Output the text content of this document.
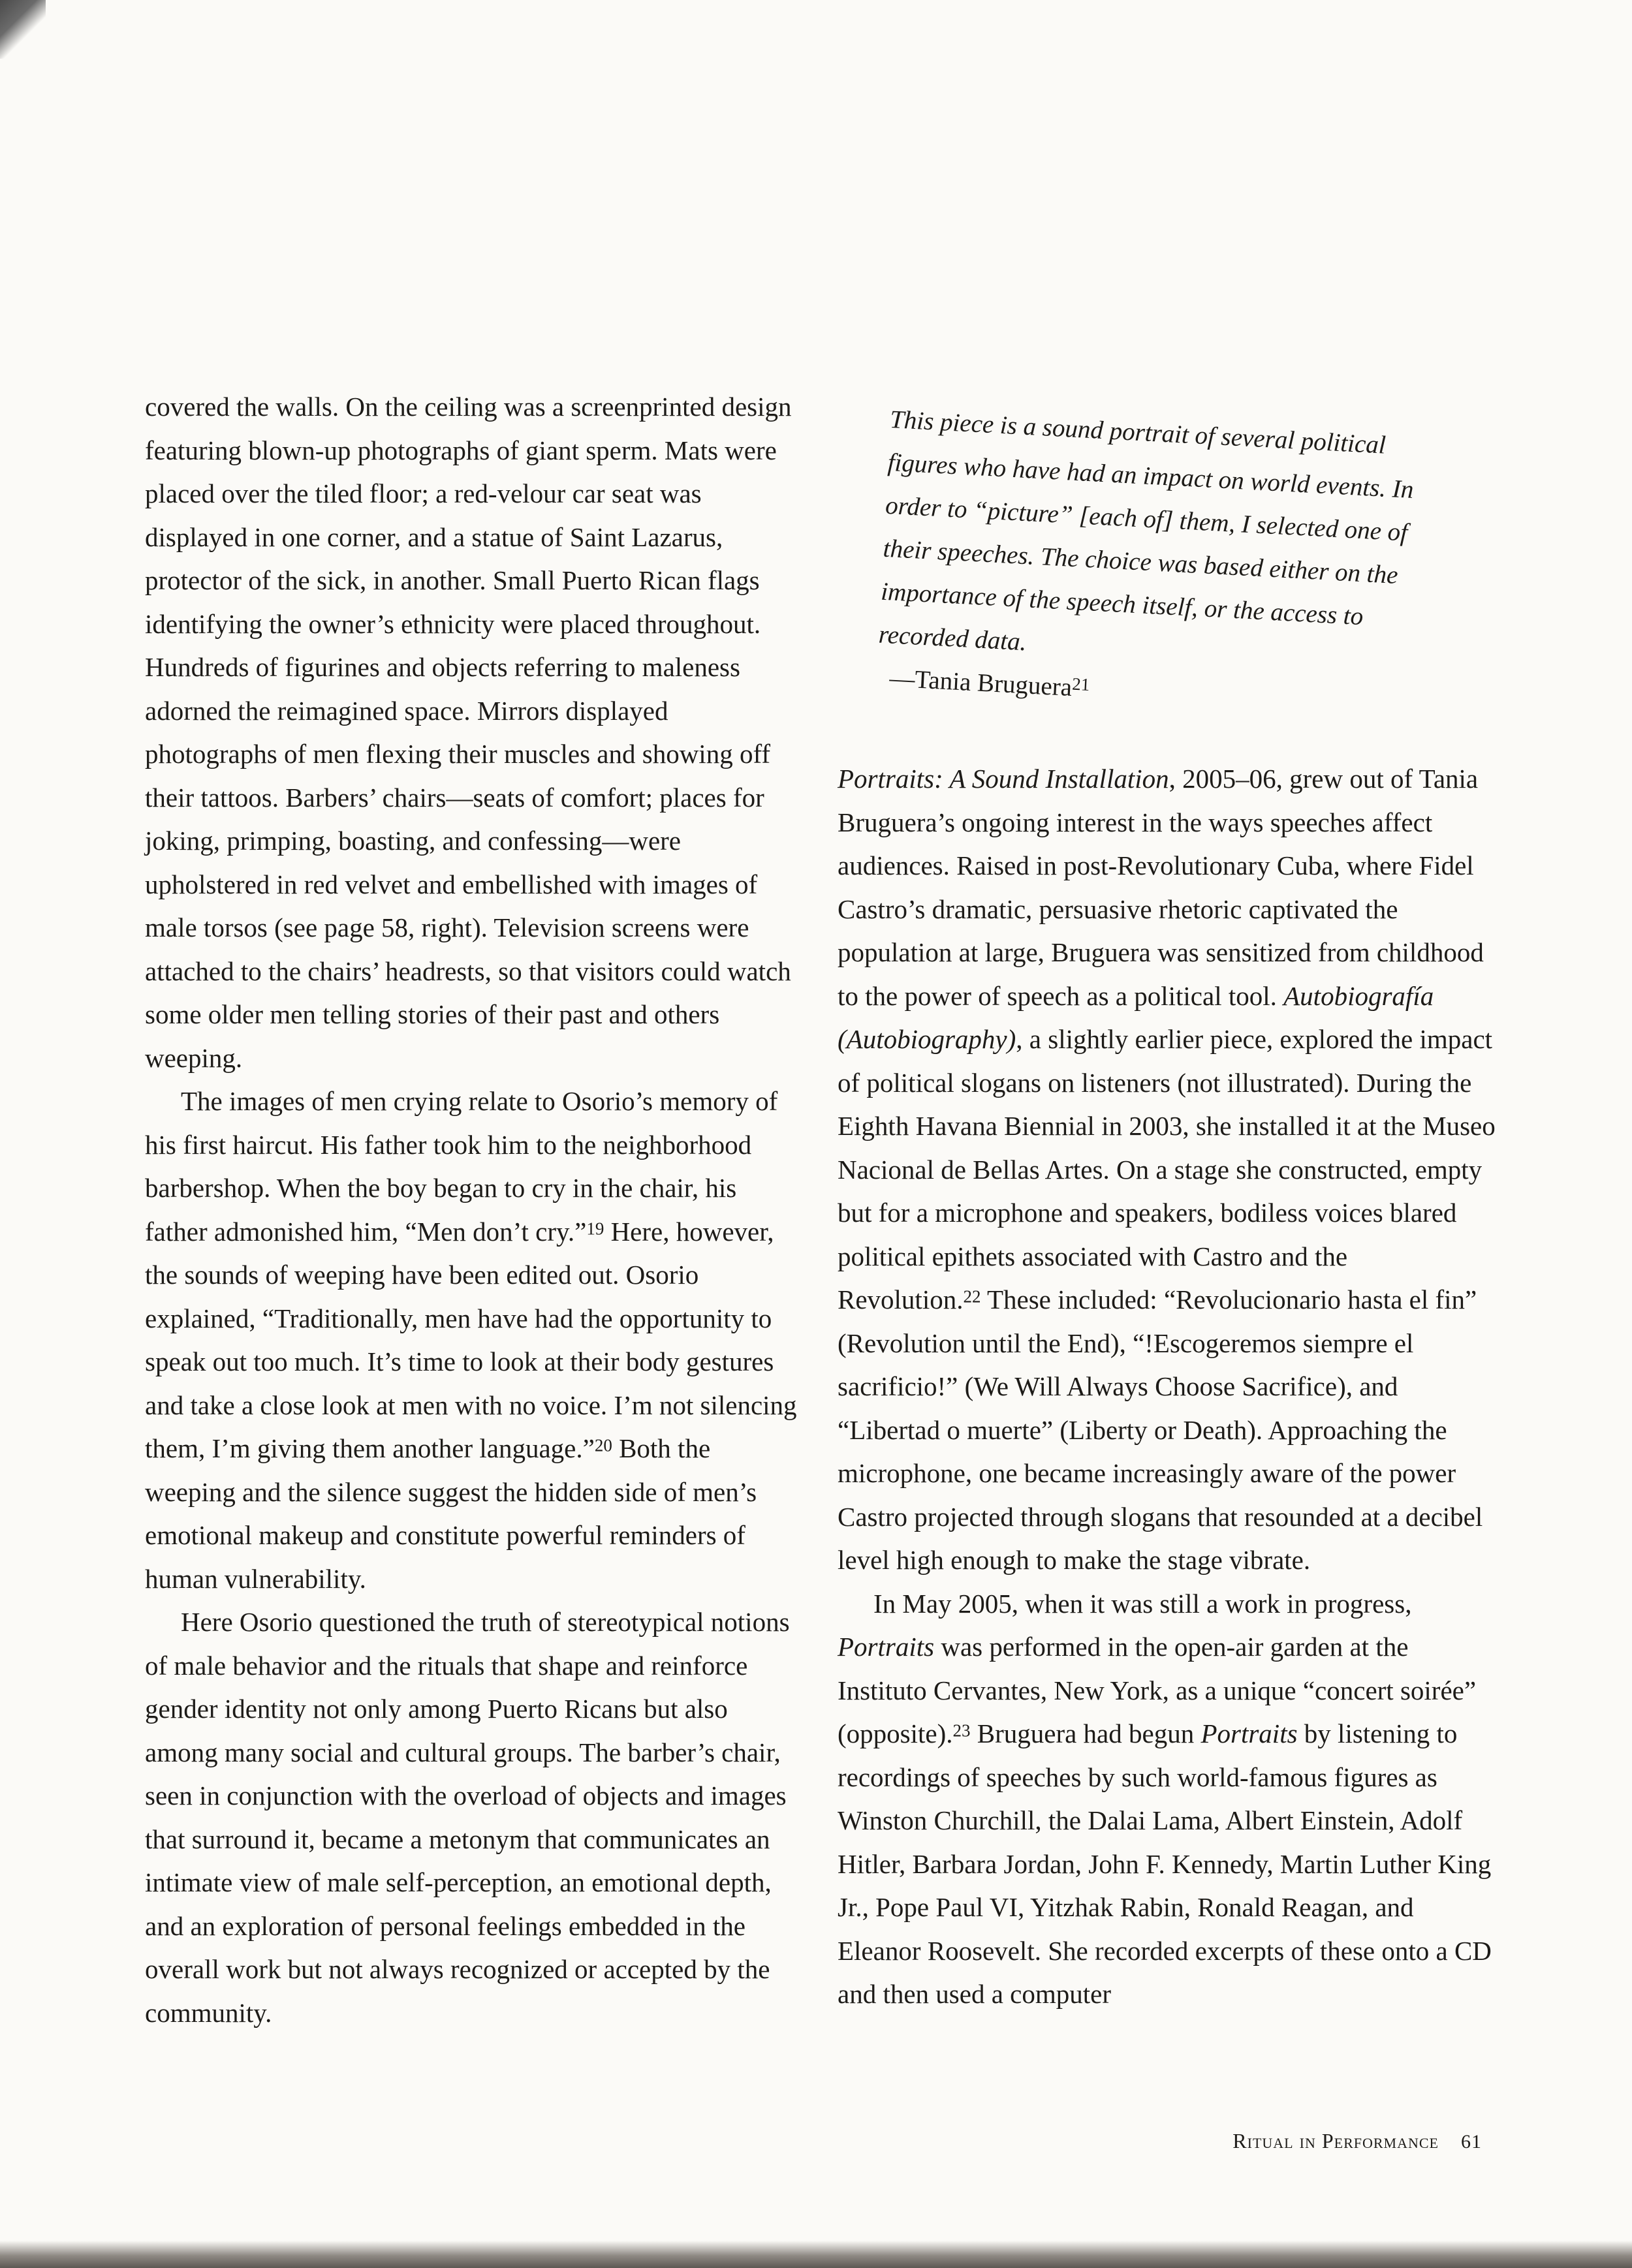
covered the walls. On the ceiling was a screenprinted design featuring blown-up photographs of giant sperm. Mats were placed over the tiled floor; a red-velour car seat was displayed in one corner, and a statue of Saint Lazarus, protector of the sick, in another. Small Puerto Rican flags identifying the owner’s ethnicity were placed throughout. Hundreds of figurines and objects referring to maleness adorned the reimagined space. Mirrors displayed photographs of men flexing their muscles and showing off their tattoos. Barbers’ chairs—seats of comfort; places for joking, primping, boasting, and confessing—were upholstered in red velvet and embellished with images of male torsos (see page 58, right). Television screens were attached to the chairs’ headrests, so that visitors could watch some older men telling stories of their past and others weeping.

The images of men crying relate to Osorio’s memory of his first haircut. His father took him to the neighborhood barbershop. When the boy began to cry in the chair, his father admonished him, “Men don’t cry.”$^{19}$ Here, however, the sounds of weeping have been edited out. Osorio explained, “Traditionally, men have had the opportunity to speak out too much. It’s time to look at their body gestures and take a close look at men with no voice. I’m not silencing them, I’m giving them another language.”$^{20}$ Both the weeping and the silence suggest the hidden side of men’s emotional makeup and constitute powerful reminders of human vulnerability.

Here Osorio questioned the truth of stereotypical notions of male behavior and the rituals that shape and reinforce gender identity not only among Puerto Ricans but also among many social and cultural groups. The barber’s chair, seen in conjunction with the overload of objects and images that surround it, became a metonym that communicates an intimate view of male self-perception, an emotional depth, and an exploration of personal feelings embedded in the overall work but not always recognized or accepted by the community.

This piece is a sound portrait of several political figures who have had an impact on world events. In order to “picture” [each of] them, I selected one of their speeches. The choice was based either on the importance of the speech itself, or the access to recorded data.

—Tania Bruguera$^{21}$

Portraits: A Sound Installation, 2005–06, grew out of Tania Bruguera’s ongoing interest in the ways speeches affect audiences. Raised in post-Revolutionary Cuba, where Fidel Castro’s dramatic, persuasive rhetoric captivated the population at large, Bruguera was sensitized from childhood to the power of speech as a political tool. Autobiografía (Autobiography), a slightly earlier piece, explored the impact of political slogans on listeners (not illustrated). During the Eighth Havana Biennial in 2003, she installed it at the Museo Nacional de Bellas Artes. On a stage she constructed, empty but for a microphone and speakers, bodiless voices blared political epithets associated with Castro and the Revolution.$^{22}$ These included: “Revolucionario hasta el fin” (Revolution until the End), “!Escogeremos siempre el sacrificio!” (We Will Always Choose Sacrifice), and “Libertad o muerte” (Liberty or Death). Approaching the microphone, one became increasingly aware of the power Castro projected through slogans that resounded at a decibel level high enough to make the stage vibrate.

In May 2005, when it was still a work in progress, Portraits was performed in the open-air garden at the Instituto Cervantes, New York, as a unique “concert soirée” (opposite).$^{23}$ Bruguera had begun Portraits by listening to recordings of speeches by such world-famous figures as Winston Churchill, the Dalai Lama, Albert Einstein, Adolf Hitler, Barbara Jordan, John F. Kennedy, Martin Luther King Jr., Pope Paul VI, Yitzhak Rabin, Ronald Reagan, and Eleanor Roosevelt. She recorded excerpts of these onto a CD and then used a computer

Ritual in Performance 61
